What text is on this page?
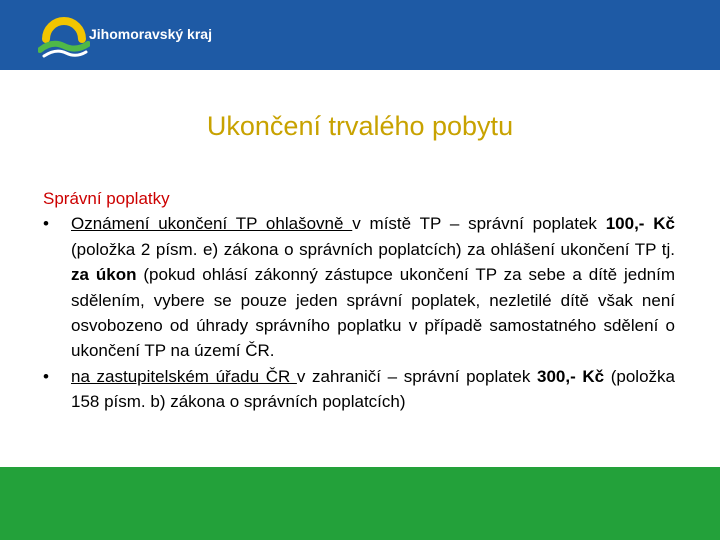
Jihomoravský kraj
Ukončení trvalého pobytu
Správní poplatky
• Oznámení ukončení TP ohlašovně v místě TP – správní poplatek 100,- Kč (položka 2 písm. e) zákona o správních poplatcích) za ohlášení ukončení TP tj. za úkon (pokud ohlásí zákonný zástupce ukončení TP za sebe a dítě jedním sdělením, vybere se pouze jeden správní poplatek, nezletilé dítě však není osvobozeno od úhrady správního poplatku v případě samostatného sdělení o ukončení TP na území ČR.
• na zastupitelském úřadu ČR v zahraničí – správní poplatek 300,- Kč (položka 158 písm. b) zákona o správních poplatcích)
